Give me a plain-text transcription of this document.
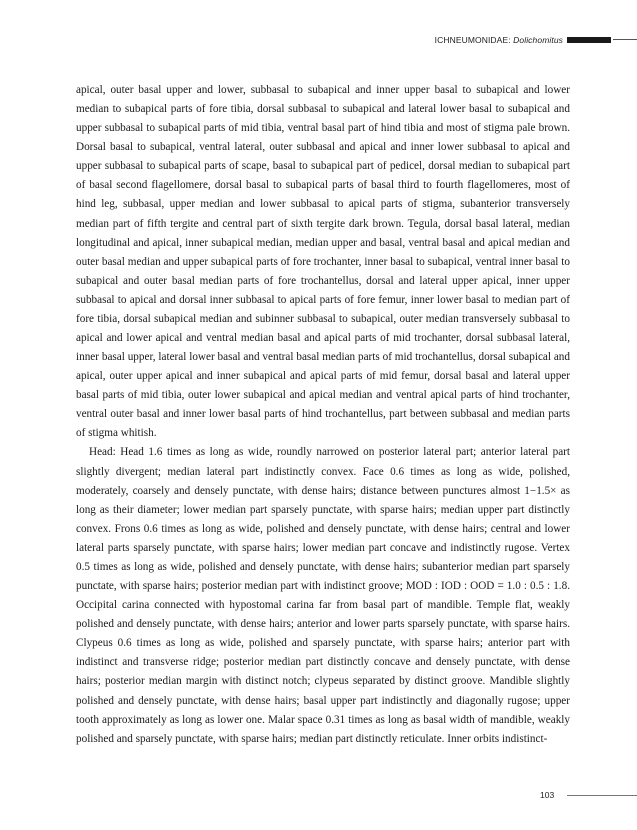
ICHNEUMONIDAE: Dolichomitus

apical, outer basal upper and lower, subbasal to subapical and inner upper basal to subapical and lower median to subapical parts of fore tibia, dorsal subbasal to subapical and lateral lower basal to subapical and upper subbasal to subapical parts of mid tibia, ventral basal part of hind tibia and most of stigma pale brown. Dorsal basal to subapical, ventral lateral, outer subbasal and apical and inner lower subbasal to apical and upper subbasal to subapical parts of scape, basal to subapical part of pedicel, dorsal median to subapical part of basal second flagellomere, dorsal basal to subapical parts of basal third to fourth flagellomeres, most of hind leg, subbasal, upper median and lower subbasal to apical parts of stigma, subanterior transversely median part of fifth tergite and central part of sixth tergite dark brown. Tegula, dorsal basal lateral, median longitudinal and apical, inner subapical median, median upper and basal, ventral basal and apical median and outer basal median and upper subapical parts of fore trochanter, inner basal to subapical, ventral inner basal to subapical and outer basal median parts of fore trochantellus, dorsal and lateral upper apical, inner upper subbasal to apical and dorsal inner subbasal to apical parts of fore femur, inner lower basal to median part of fore tibia, dorsal subapical median and subinner subbasal to subapical, outer median transversely subbasal to apical and lower apical and ventral median basal and apical parts of mid trochanter, dorsal subbasal lateral, inner basal upper, lateral lower basal and ventral basal median parts of mid trochantellus, dorsal subapical and apical, outer upper apical and inner subapical and apical parts of mid femur, dorsal basal and lateral upper basal parts of mid tibia, outer lower subapical and apical median and ventral apical parts of hind trochanter, ventral outer basal and inner lower basal parts of hind trochantellus, part between subbasal and median parts of stigma whitish.

Head: Head 1.6 times as long as wide, roundly narrowed on posterior lateral part; anterior lateral part slightly divergent; median lateral part indistinctly convex. Face 0.6 times as long as wide, polished, moderately, coarsely and densely punctate, with dense hairs; distance between punctures almost 1−1.5× as long as their diameter; lower median part sparsely punctate, with sparse hairs; median upper part distinctly convex. Frons 0.6 times as long as wide, polished and densely punctate, with dense hairs; central and lower lateral parts sparsely punctate, with sparse hairs; lower median part concave and indistinctly rugose. Vertex 0.5 times as long as wide, polished and densely punctate, with dense hairs; subanterior median part sparsely punctate, with sparse hairs; posterior median part with indistinct groove; MOD : IOD : OOD = 1.0 : 0.5 : 1.8. Occipital carina connected with hypostomal carina far from basal part of mandible. Temple flat, weakly polished and densely punctate, with dense hairs; anterior and lower parts sparsely punctate, with sparse hairs. Clypeus 0.6 times as long as wide, polished and sparsely punctate, with sparse hairs; anterior part with indistinct and transverse ridge; posterior median part distinctly concave and densely punctate, with dense hairs; posterior median margin with distinct notch; clypeus separated by distinct groove. Mandible slightly polished and densely punctate, with dense hairs; basal upper part indistinctly and diagonally rugose; upper tooth approximately as long as lower one. Malar space 0.31 times as long as basal width of mandible, weakly polished and sparsely punctate, with sparse hairs; median part distinctly reticulate. Inner orbits indistinct-

103
